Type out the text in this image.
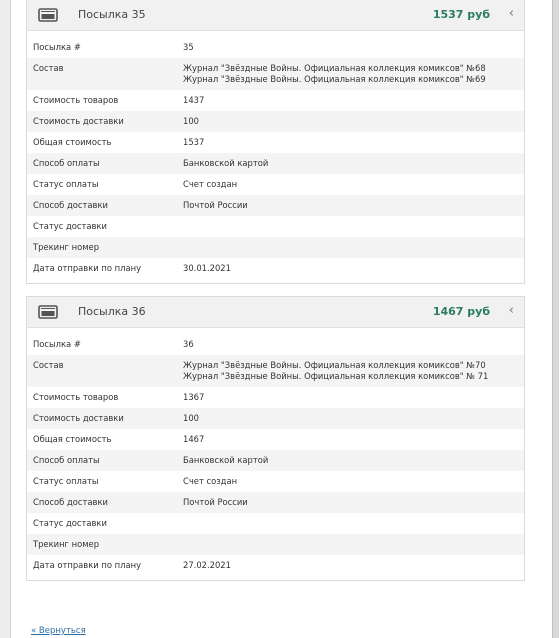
Посылка 35	1537 руб ‹
Посылка #	35
Состав	Журнал "Звёздные Войны. Официальная коллекция комиксов" №68
Журнал "Звёздные Войны. Официальная коллекция комиксов" №69
Стоимость товаров	1437
Стоимость доставки	100
Общая стоимость	1537
Способ оплаты	Банковской картой
Статус оплаты	Счет создан
Способ доставки	Почтой России
Статус доставки
Трекинг номер
Дата отправки по плану	30.01.2021
Посылка 36	1467 руб ‹
Посылка #	36
Состав	Журнал "Звёздные Войны. Официальная коллекция комиксов" №70
Журнал "Звёздные Войны. Официальная коллекция комиксов" № 71
Стоимость товаров	1367
Стоимость доставки	100
Общая стоимость	1467
Способ оплаты	Банковской картой
Статус оплаты	Счет создан
Способ доставки	Почтой России
Статус доставки
Трекинг номер
Дата отправки по плану	27.02.2021
« Вернуться
